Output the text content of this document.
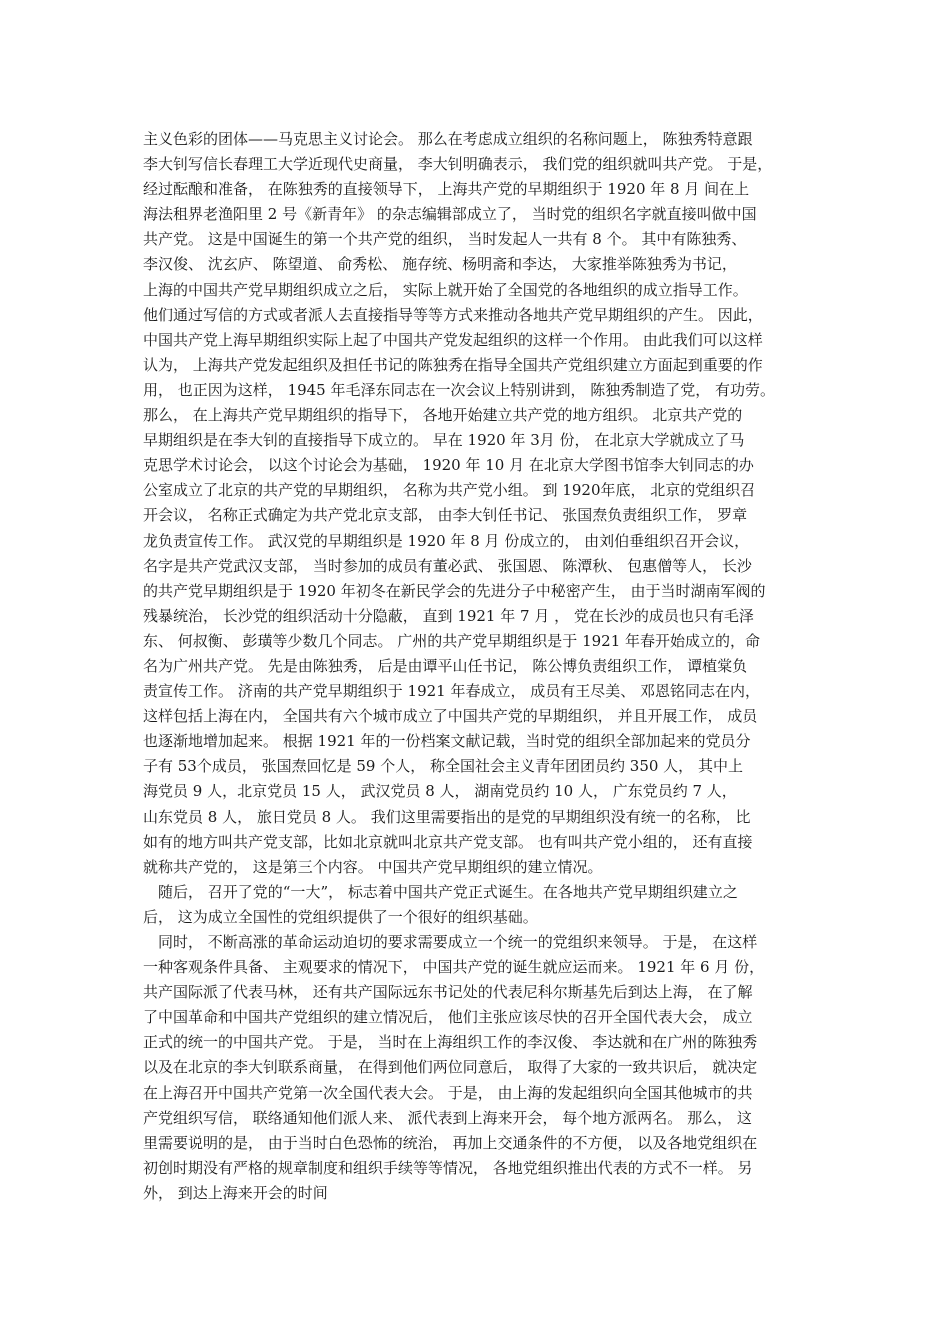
主义色彩的团体——马克思主义讨论会。 那么在考虑成立组织的名称问题上， 陈独秀特意跟
李大钊写信长春理工大学近现代史商量， 李大钊明确表示， 我们党的组织就叫共产党。 于是，
经过酝酿和准备， 在陈独秀的直接领导下， 上海共产党的早期组织于 1920 年 8 月 间在上
海法租界老渔阳里 2 号《新青年》 的杂志编辑部成立了， 当时党的组织名字就直接叫做中国
共产党。 这是中国诞生的第一个共产党的组织， 当时发起人一共有 8 个。 其中有陈独秀、
李汉俊、 沈玄庐、 陈望道、 俞秀松、 施存统、杨明斋和李达， 大家推举陈独秀为书记，
上海的中国共产党早期组织成立之后， 实际上就开始了全国党的各地组织的成立指导工作。
他们通过写信的方式或者派人去直接指导等等方式来推动各地共产党早期组织的产生。 因此，
中国共产党上海早期组织实际上起了中国共产党发起组织的这样一个作用。 由此我们可以这样
认为， 上海共产党发起组织及担任书记的陈独秀在指导全国共产党组织建立方面起到重要的作
用， 也正因为这样， 1945 年毛泽东同志在一次会议上特别讲到， 陈独秀制造了党， 有功劳。
那么， 在上海共产党早期组织的指导下， 各地开始建立共产党的地方组织。 北京共产党的
早期组织是在李大钊的直接指导下成立的。 早在 1920 年 3月 份， 在北京大学就成立了马
克思学术讨论会， 以这个讨论会为基础， 1920 年 10 月 在北京大学图书馆李大钊同志的办
公室成立了北京的共产党的早期组织， 名称为共产党小组。 到 1920年底， 北京的党组织召
开会议， 名称正式确定为共产党北京支部， 由李大钊任书记、 张国焘负责组织工作， 罗章
龙负责宣传工作。 武汉党的早期组织是 1920 年 8 月 份成立的， 由刘伯垂组织召开会议，
名字是共产党武汉支部， 当时参加的成员有董必武、 张国恩、 陈潭秋、 包惠僧等人， 长沙
的共产党早期组织是于 1920 年初冬在新民学会的先进分子中秘密产生， 由于当时湖南军阀的
残暴统治， 长沙党的组织活动十分隐蔽， 直到 1921 年 7 月 ， 党在长沙的成员也只有毛泽
东、 何叔衡、 彭璜等少数几个同志。 广州的共产党早期组织是于 1921 年春开始成立的，命
名为广州共产党。 先是由陈独秀， 后是由谭平山任书记， 陈公博负责组织工作， 谭植棠负
责宣传工作。 济南的共产党早期组织于 1921 年春成立， 成员有王尽美、 邓恩铭同志在内，
这样包括上海在内， 全国共有六个城市成立了中国共产党的早期组织， 并且开展工作， 成员
也逐渐地增加起来。 根据 1921 年的一份档案文献记载，当时党的组织全部加起来的党员分
子有 53个成员， 张国焘回忆是 59 个人， 称全国社会主义青年团团员约 350 人， 其中上
海党员 9 人，北京党员 15 人， 武汉党员 8 人， 湖南党员约 10 人， 广东党员约 7 人，
山东党员 8 人， 旅日党员 8 人。 我们这里需要指出的是党的早期组织没有统一的名称， 比
如有的地方叫共产党支部，比如北京就叫北京共产党支部。 也有叫共产党小组的， 还有直接
就称共产党的， 这是第三个内容。 中国共产党早期组织的建立情况。
　随后， 召开了党的“一大”， 标志着中国共产党正式诞生。在各地共产党早期组织建立之
后， 这为成立全国性的党组织提供了一个很好的组织基础。
　同时， 不断高涨的革命运动迫切的要求需要成立一个统一的党组织来领导。 于是， 在这样
一种客观条件具备、 主观要求的情况下， 中国共产党的诞生就应运而来。 1921 年 6 月 份，
共产国际派了代表马林， 还有共产国际远东书记处的代表尼科尔斯基先后到达上海， 在了解
了中国革命和中国共产党组织的建立情况后， 他们主张应该尽快的召开全国代表大会， 成立
正式的统一的中国共产党。 于是， 当时在上海组织工作的李汉俊、 李达就和在广州的陈独秀
以及在北京的李大钊联系商量， 在得到他们两位同意后， 取得了大家的一致共识后， 就决定
在上海召开中国共产党第一次全国代表大会。 于是， 由上海的发起组织向全国其他城市的共
产党组织写信， 联络通知他们派人来、 派代表到上海来开会， 每个地方派两名。 那么， 这
里需要说明的是， 由于当时白色恐怖的统治， 再加上交通条件的不方便， 以及各地党组织在
初创时期没有严格的规章制度和组织手续等等情况， 各地党组织推出代表的方式不一样。 另
外， 到达上海来开会的时间
